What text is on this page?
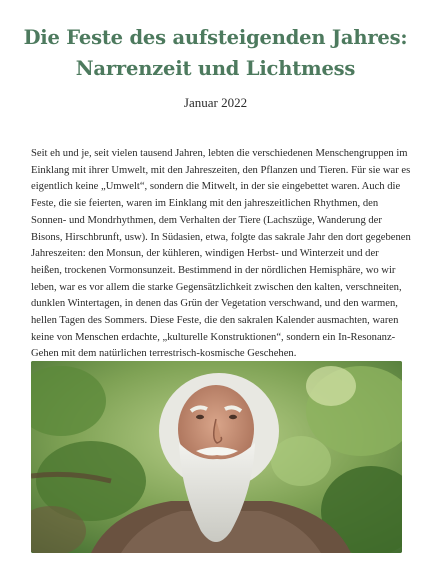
Die Feste des aufsteigenden Jahres:
Narrenzeit und Lichtmess

Januar 2022

Seit eh und je, seit vielen tausend Jahren, lebten die verschiedenen Menschengruppen im
Einklang mit ihrer Umwelt, mit den Jahreszeiten, den Pflanzen und Tieren. Für sie war es
eigentlich keine „Umwelt“, sondern die Mitwelt, in der sie eingebettet waren. Auch die
Feste, die sie feierten, waren im Einklang mit den jahreszeitlichen Rhythmen, den
Sonnen- und Mondrhythmen, dem Verhalten der Tiere (Lachszüge, Wanderung der
Bisons, Hirschbrunft, usw). In Südasien, etwa, folgte das sakrale Jahr den dort gegebenen
Jahreszeiten: den Monsun, der kühleren, windigen Herbst- und Winterzeit und der
heißen, trockenen Vormonsunzeit. Bestimmend in der nördlichen Hemisphäre, wo wir
leben, war es vor allem die starke Gegensätzlichkeit zwischen den kalten, verschneiten,
dunklen Wintertagen, in denen das Grün der Vegetation verschwand, und den warmen,
hellen Tagen des Sommers. Diese Feste, die den sakralen Kalender ausmachten, waren
keine von Menschen erdachte, „kulturelle Konstruktionen“, sondern ein In-Resonanz-
Gehen mit dem natürlichen terrestrisch-kosmische Geschehen.
